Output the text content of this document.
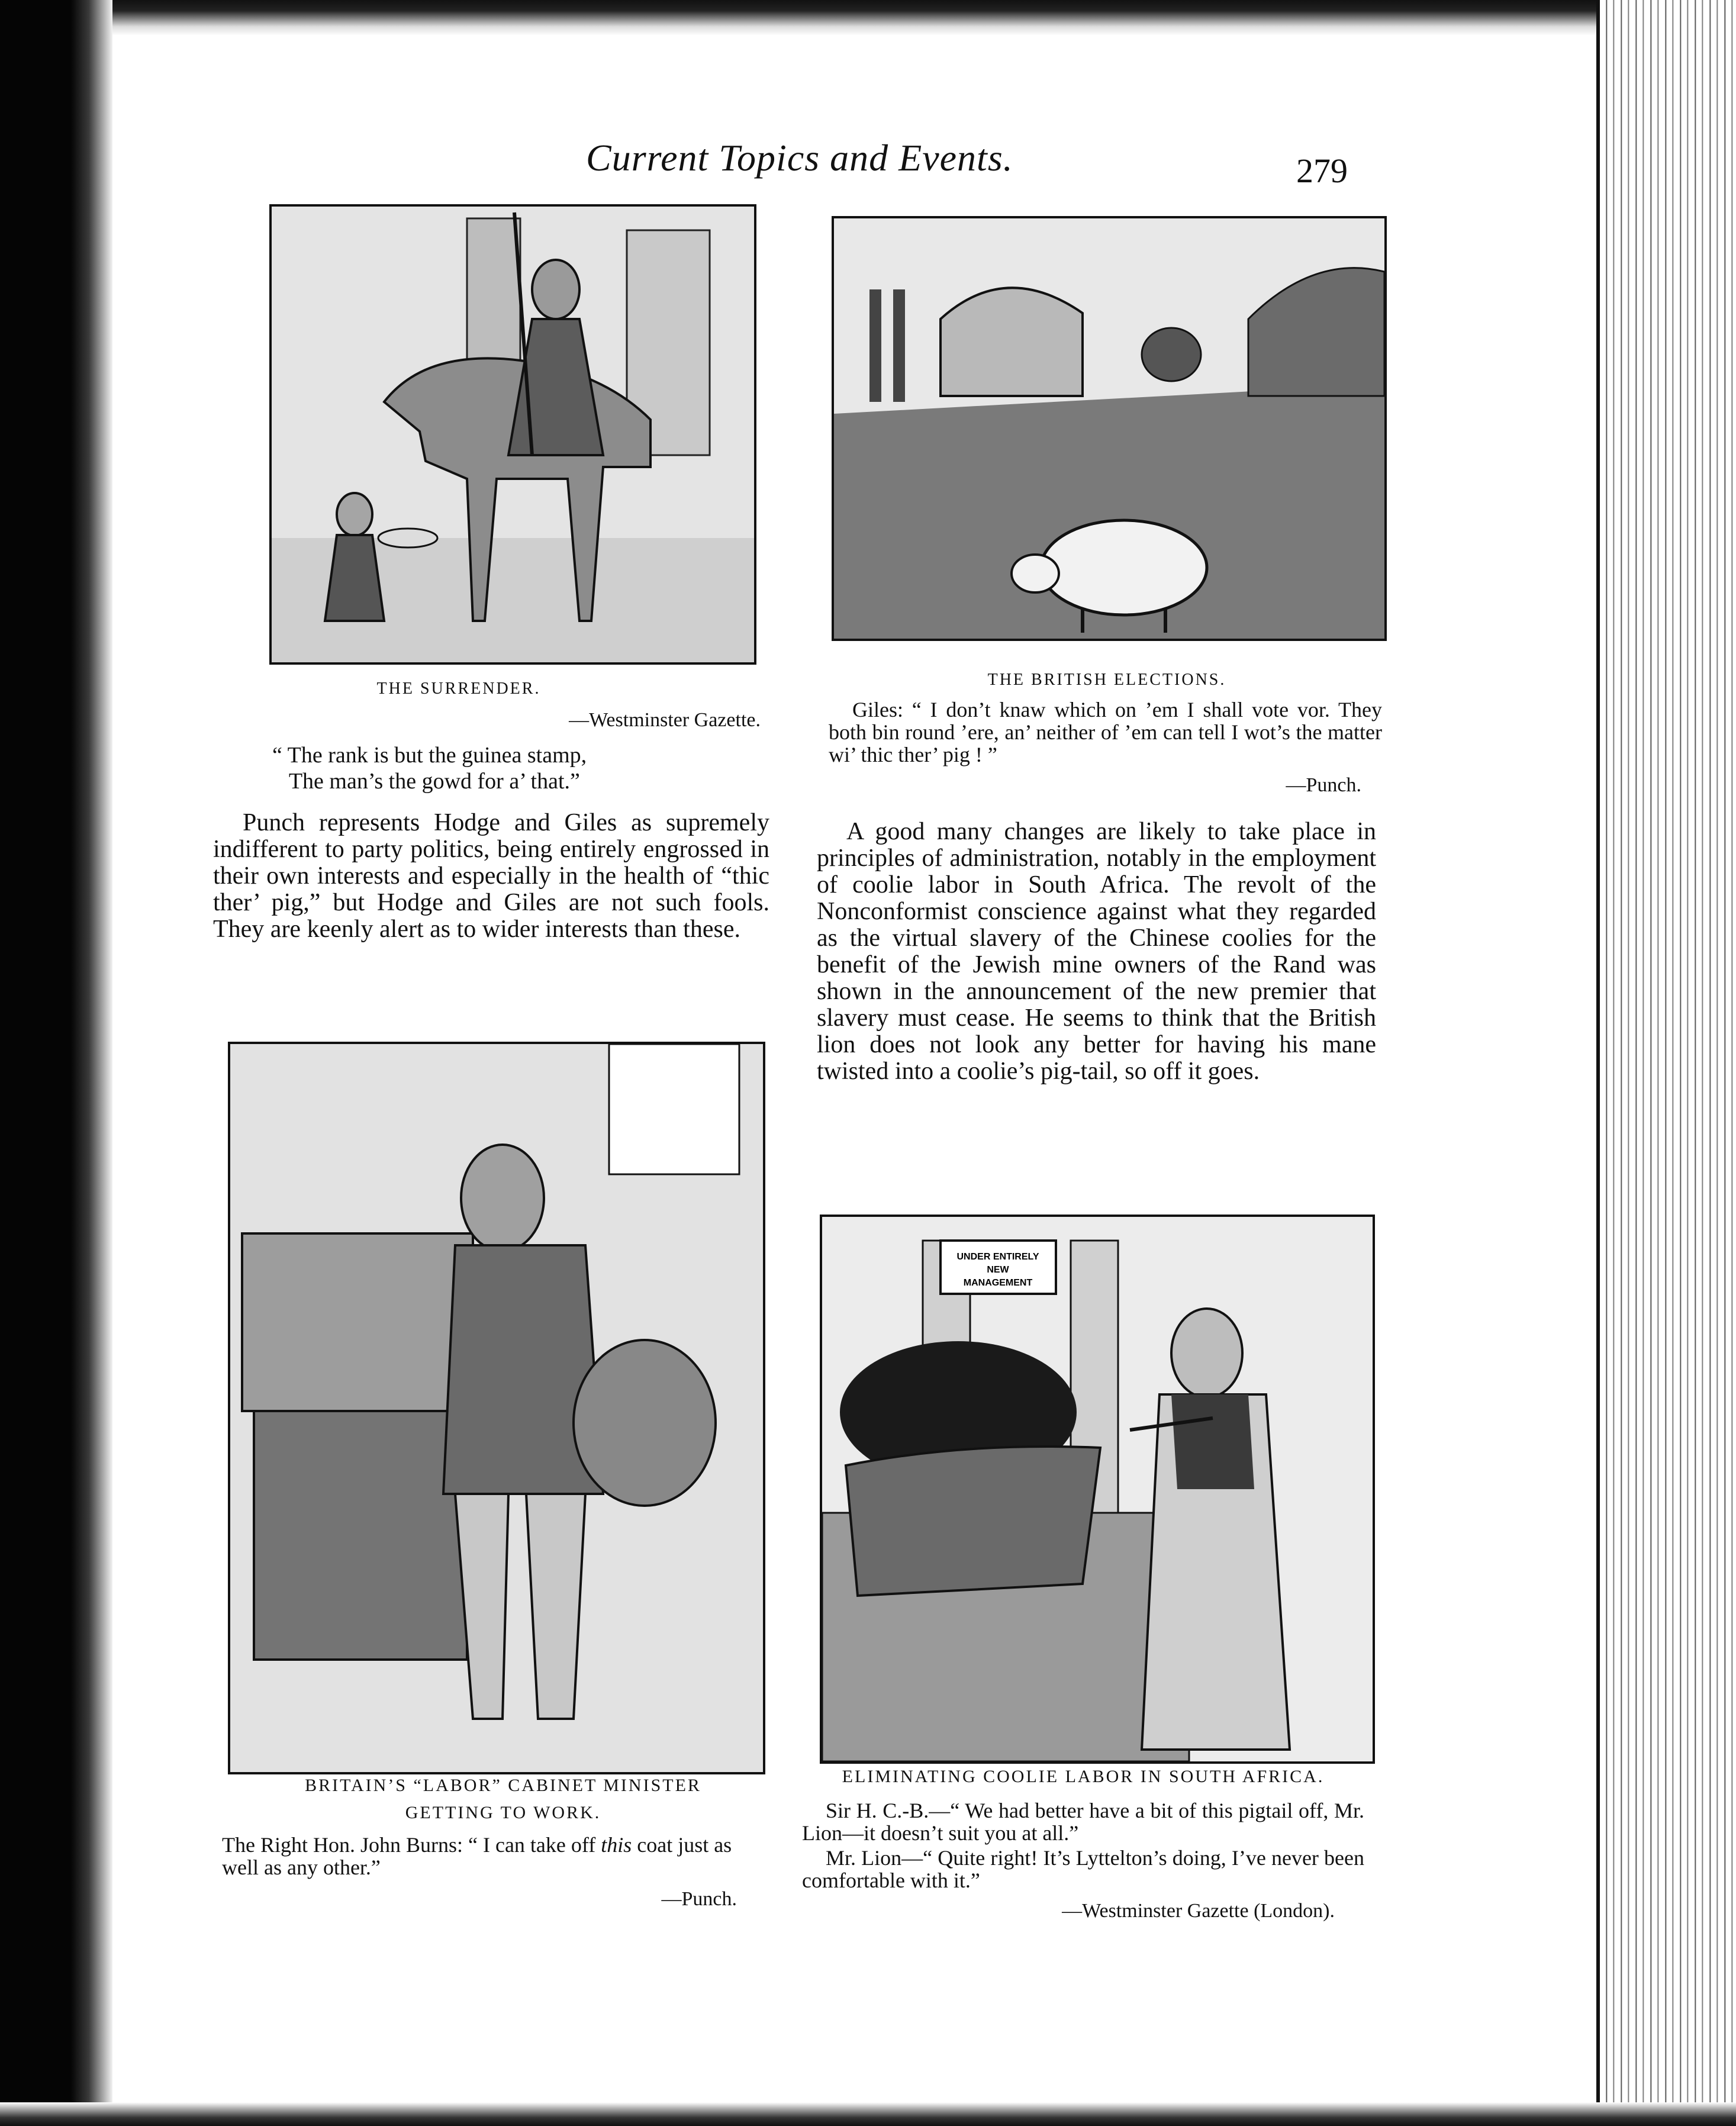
Current Topics and Events.	279
THE SURRENDER.
—Westminster Gazette.
“ The rank is but the guinea stamp,
The man’s the gowd for a’ that.”

Punch represents Hodge and Giles as supremely indifferent to party politics, being entirely engrossed in their own interests and especially in the health of “thic ther’ pig,” but Hodge and Giles are not such fools. They are keenly alert as to wider interests than these.

THE BRITISH ELECTIONS.
Giles: “ I don’t knaw which on ’em I shall vote vor. They both bin round ’ere, an’ neither of ’em can tell I wot’s the matter wi’ thic ther’ pig ! ”
—Punch.

A good many changes are likely to take place in principles of administration, notably in the employment of coolie labor in South Africa. The revolt of the Nonconformist conscience against what they regarded as the virtual slavery of the Chinese coolies for the benefit of the Jewish mine owners of the Rand was shown in the announcement of the new premier that slavery must cease. He seems to think that the British lion does not look any better for having his mane twisted into a coolie’s pig-tail, so off it goes.

BRITAIN’S “LABOR” CABINET MINISTER
GETTING TO WORK.
The Right Hon. John Burns: “ I can take off this coat just as well as any other.”
—Punch.
UNDER ENTIRELY
NEW
MANAGEMENT
ELIMINATING COOLIE LABOR IN SOUTH AFRICA.
Sir H. C.-B.—“ We had better have a bit of this pigtail off, Mr. Lion—it doesn’t suit you at all.”
Mr. Lion—“ Quite right! It’s Lyttelton’s doing, I’ve never been comfortable with it.”
—Westminster Gazette (London).
